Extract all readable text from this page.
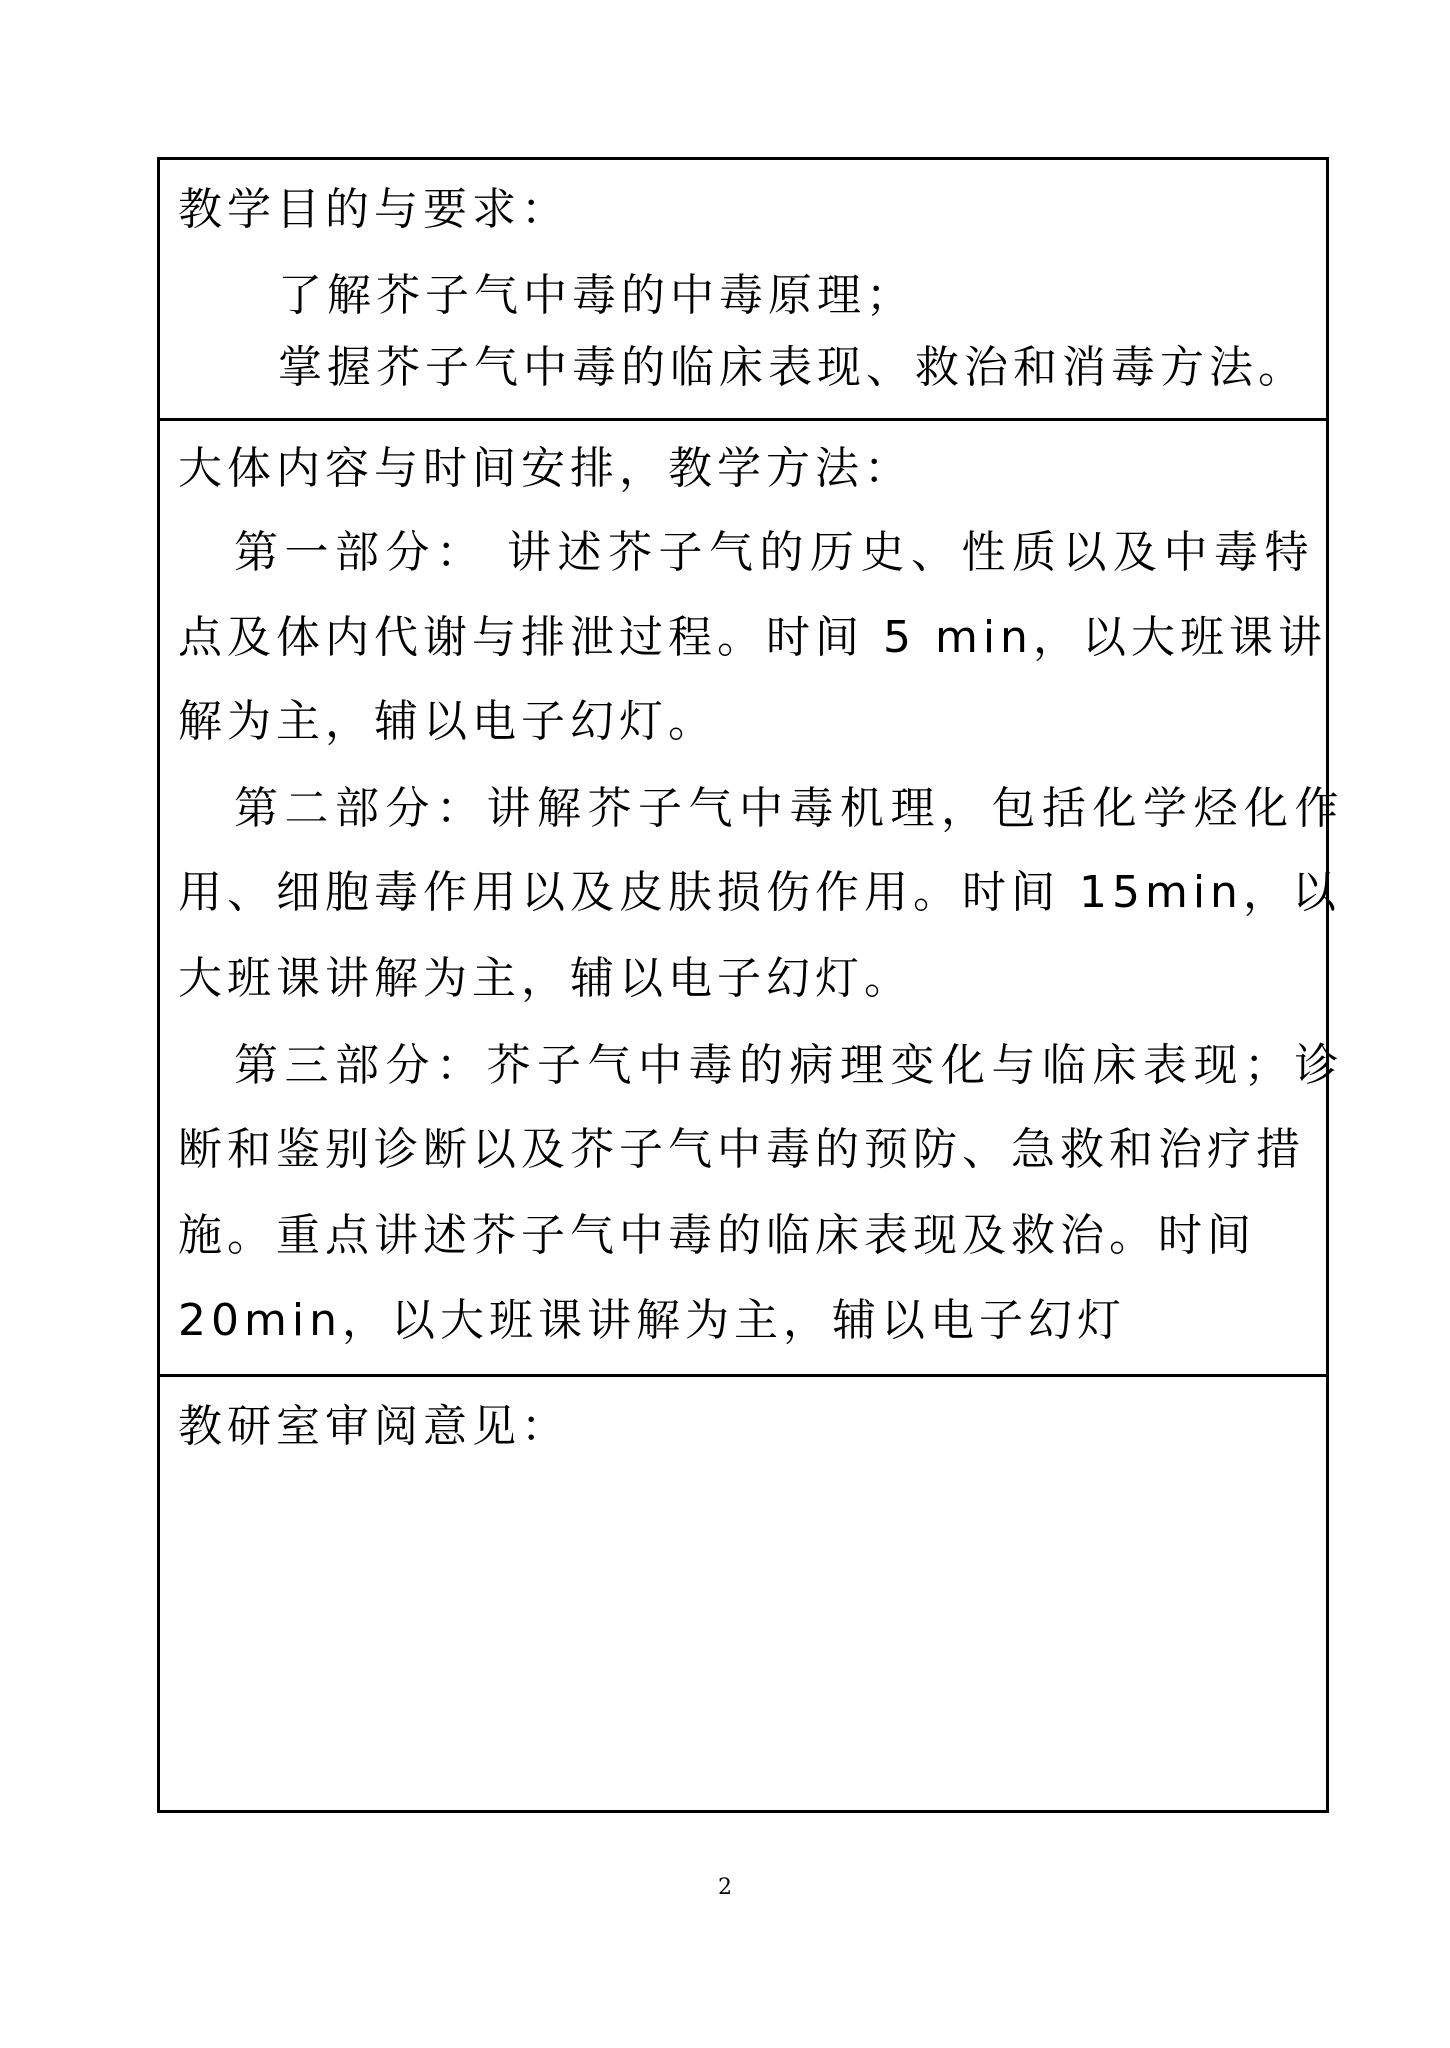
教学目的与要求：
了解芥子气中毒的中毒原理；
掌握芥子气中毒的临床表现、救治和消毒方法。
大体内容与时间安排，教学方法：
第一部分： 讲述芥子气的历史、性质以及中毒特
点及体内代谢与排泄过程。时间 5 min，以大班课讲
解为主，辅以电子幻灯。
第二部分：讲解芥子气中毒机理，包括化学烃化作
用、细胞毒作用以及皮肤损伤作用。时间 15min，以
大班课讲解为主，辅以电子幻灯。
第三部分：芥子气中毒的病理变化与临床表现；诊
断和鉴别诊断以及芥子气中毒的预防、急救和治疗措
施。重点讲述芥子气中毒的临床表现及救治。时间
20min，以大班课讲解为主，辅以电子幻灯
教研室审阅意见：
2
